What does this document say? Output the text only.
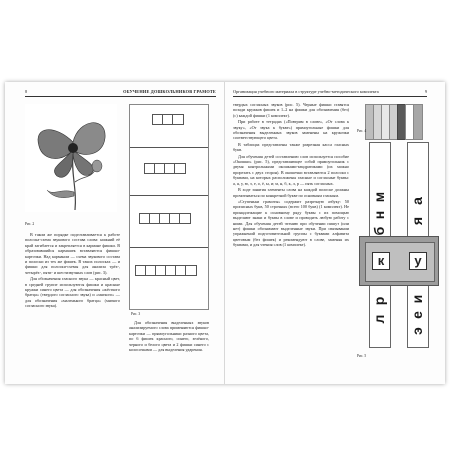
8	ОБУЧЕНИЕ ДОШКОЛЬНИКОВ ГРАМОТЕ
Рис. 2
Рис. 3

В таком же порядке подготавливается к работе полоска-схема звукового состава слова: нижний её край загибается и закрепляется в кармане фишки. В образовавшийся кармашек вставляются фишки-карточки. Над карманом — схема звукового состава и полоски из тех же фишек. В таких полосках — и фишки для полоски-схемы для анализа трёх-, четырёх-, пяти- и шестизвучных слов (рис. 3).

Для обозначения гласного звука — красный цвет, в средней группе используются фишки и красные кружки синего цвета — для обозначения «жёсткого братца» (твердого согласного звука) и «мягкого» — для обозначения «маленького братца» (мягкого согласного звука).

Для обозначения выделенных звуков анализируемого слова применяются фишки-карточки — прямоугольники разного цвета, по 6 фишек красного, синего, зелёного, черного и белого цвета и 2 фишки синего с колосочками — для выделения ударения.

Организация учебного материала в структуре учебно-методического комплекта	9

твердых согласных звуков (рис. 5). Черные фишки ставятся позади кружков фишек и 1–2 на фишки для обозначения (без) (с) каждой фишки (1 комплект).

При работе в тетрадях («Повтрим в слове», «От слова к звуку», «От звука к букве») прямоугольные фишки для обозначения выделенных звуков заменены на кружочки соответствующего цвета.

В таблицах представлены также разрезная касса гласных букв.

Для обучения детей составлению слов используется пособие «Окошки» (рис. 5), представляющее собой прямоугольник с двумя контрольными окошками-квадратиками (их можно прорезать с двух сторон). В окошечки вставляются 2 полоски с буквами, на которых расположены гласные и согласные буквы: а, я, у, ю, э, е, о, ё, ы, и; м, н, б, к, л, р — пять согласных.

В ходе занятия элементы слова на каждой полоске должны прочитываться по конкретной букве по основным гласным.

«Ступеньки грамоты» содержит разрезную азбуку: 50 прописных букв, 50 строчных (всего 100 букв) (1 комплект). Не принадлежащие к основному ряду буквы с их помощью выделяют знаки и буквы в слове и проводить любую работу с ними. Для обучения детей чтению при обучении пишут (или нет) фишки обозначают выделенные звуки. При связывании упражнений подготовительной группы с буквами алфавита цветовым (без фишек) и рекомендуют в слове, заменяя их буквами, и для чтения слов (1 комплект).

Рис. 4
м
н
б
р
л
а
я
и
е
э
к	у
Рис. 5
